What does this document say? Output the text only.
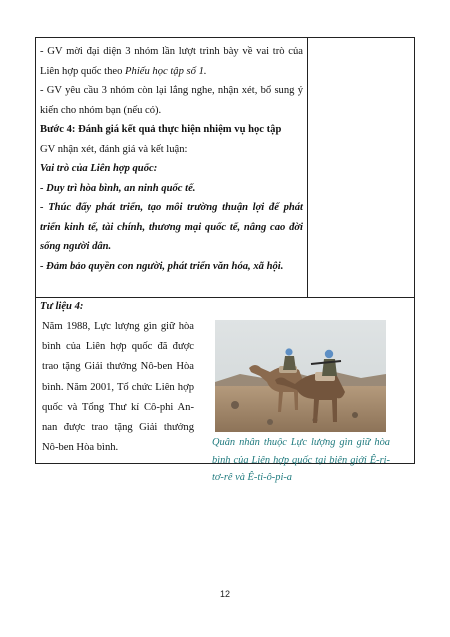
- GV mời đại diện 3 nhóm lần lượt trình bày về vai trò của Liên hợp quốc theo Phiếu học tập số 1.

- GV yêu cầu 3 nhóm còn lại lắng nghe, nhận xét, bổ sung ý kiến cho nhóm bạn (nếu có).

Bước 4: Đánh giá kết quả thực hiện nhiệm vụ học tập

GV nhận xét, đánh giá và kết luận:

Vai trò của Liên hợp quốc:

- Duy trì hòa bình, an ninh quốc tế.

- Thúc đẩy phát triển, tạo môi trường thuận lợi để phát triển kinh tế, tài chính, thương mại quốc tế, nâng cao đời sống người dân.

- Đảm bảo quyền con người, phát triển văn hóa, xã hội.

Tư liệu 4:
Năm 1988, Lực lượng gìn giữ hòa bình của Liên hợp quốc đã được trao tặng Giải thưởng Nô-ben Hòa bình. Năm 2001, Tổ chức Liên hợp quốc và Tổng Thư kí Cô-phi An-nan được trao tặng Giải thưởng Nô-ben Hòa bình.	Quân nhân thuộc Lực lượng gìn giữ hòa bình của Liên hợp quốc tại biên giới Ê-ri-tơ-rê và Ê-ti-ô-pi-a
12
